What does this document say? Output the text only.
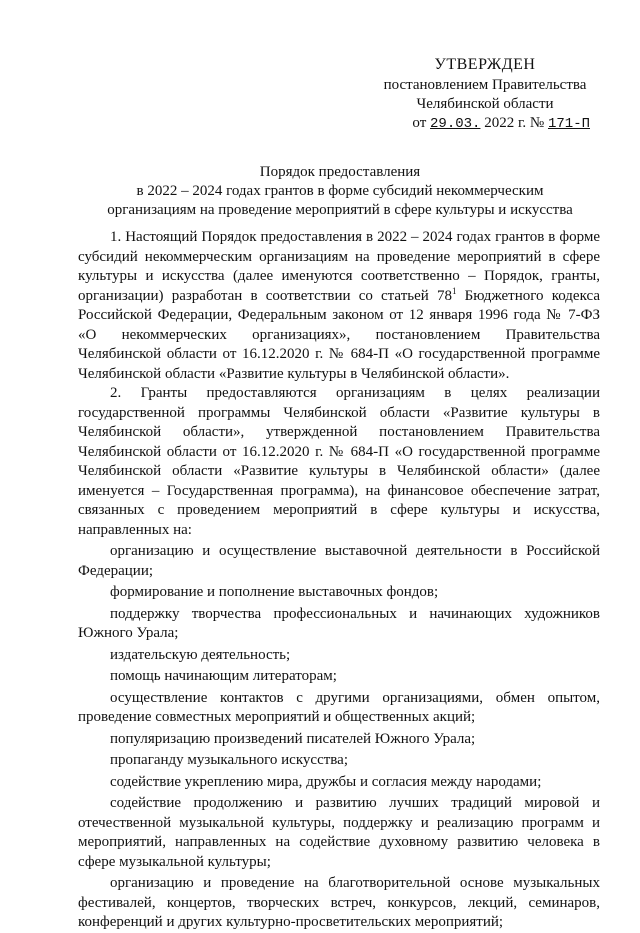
УТВЕРЖДЕН
постановлением Правительства
Челябинской области
от 29.03. 2022 г. № 171-П
Порядок предоставления
в 2022 – 2024 годах грантов в форме субсидий некоммерческим
организациям на проведение мероприятий в сфере культуры и искусства

1. Настоящий Порядок предоставления в 2022 – 2024 годах грантов в форме субсидий некоммерческим организациям на проведение мероприятий в сфере культуры и искусства (далее именуются соответственно – Порядок, гранты, организации) разработан в соответствии со статьей $78^1$ Бюджетного кодекса Российской Федерации, Федеральным законом от 12 января 1996 года № 7-ФЗ «О некоммерческих организациях», постановлением Правительства Челябинской области от 16.12.2020 г. № 684-П «О государственной программе Челябинской области «Развитие культуры в Челябинской области».

2. Гранты предоставляются организациям в целях реализации государственной программы Челябинской области «Развитие культуры в Челябинской области», утвержденной постановлением Правительства Челябинской области от 16.12.2020 г. № 684-П «О государственной программе Челябинской области «Развитие культуры в Челябинской области» (далее именуется – Государственная программа), на финансовое обеспечение затрат, связанных с проведением мероприятий в сфере культуры и искусства, направленных на:

организацию и осуществление выставочной деятельности в Российской Федерации;

формирование и пополнение выставочных фондов;

поддержку творчества профессиональных и начинающих художников Южного Урала;

издательскую деятельность;

помощь начинающим литераторам;

осуществление контактов с другими организациями, обмен опытом, проведение совместных мероприятий и общественных акций;

популяризацию произведений писателей Южного Урала;

пропаганду музыкального искусства;

содействие укреплению мира, дружбы и согласия между народами;

содействие продолжению и развитию лучших традиций мировой и отечественной музыкальной культуры, поддержку и реализацию программ и мероприятий, направленных на содействие духовному развитию человека в сфере музыкальной культуры;

организацию и проведение на благотворительной основе музыкальных фестивалей, концертов, творческих встреч, конкурсов, лекций, семинаров, конференций и других культурно-просветительских мероприятий;
